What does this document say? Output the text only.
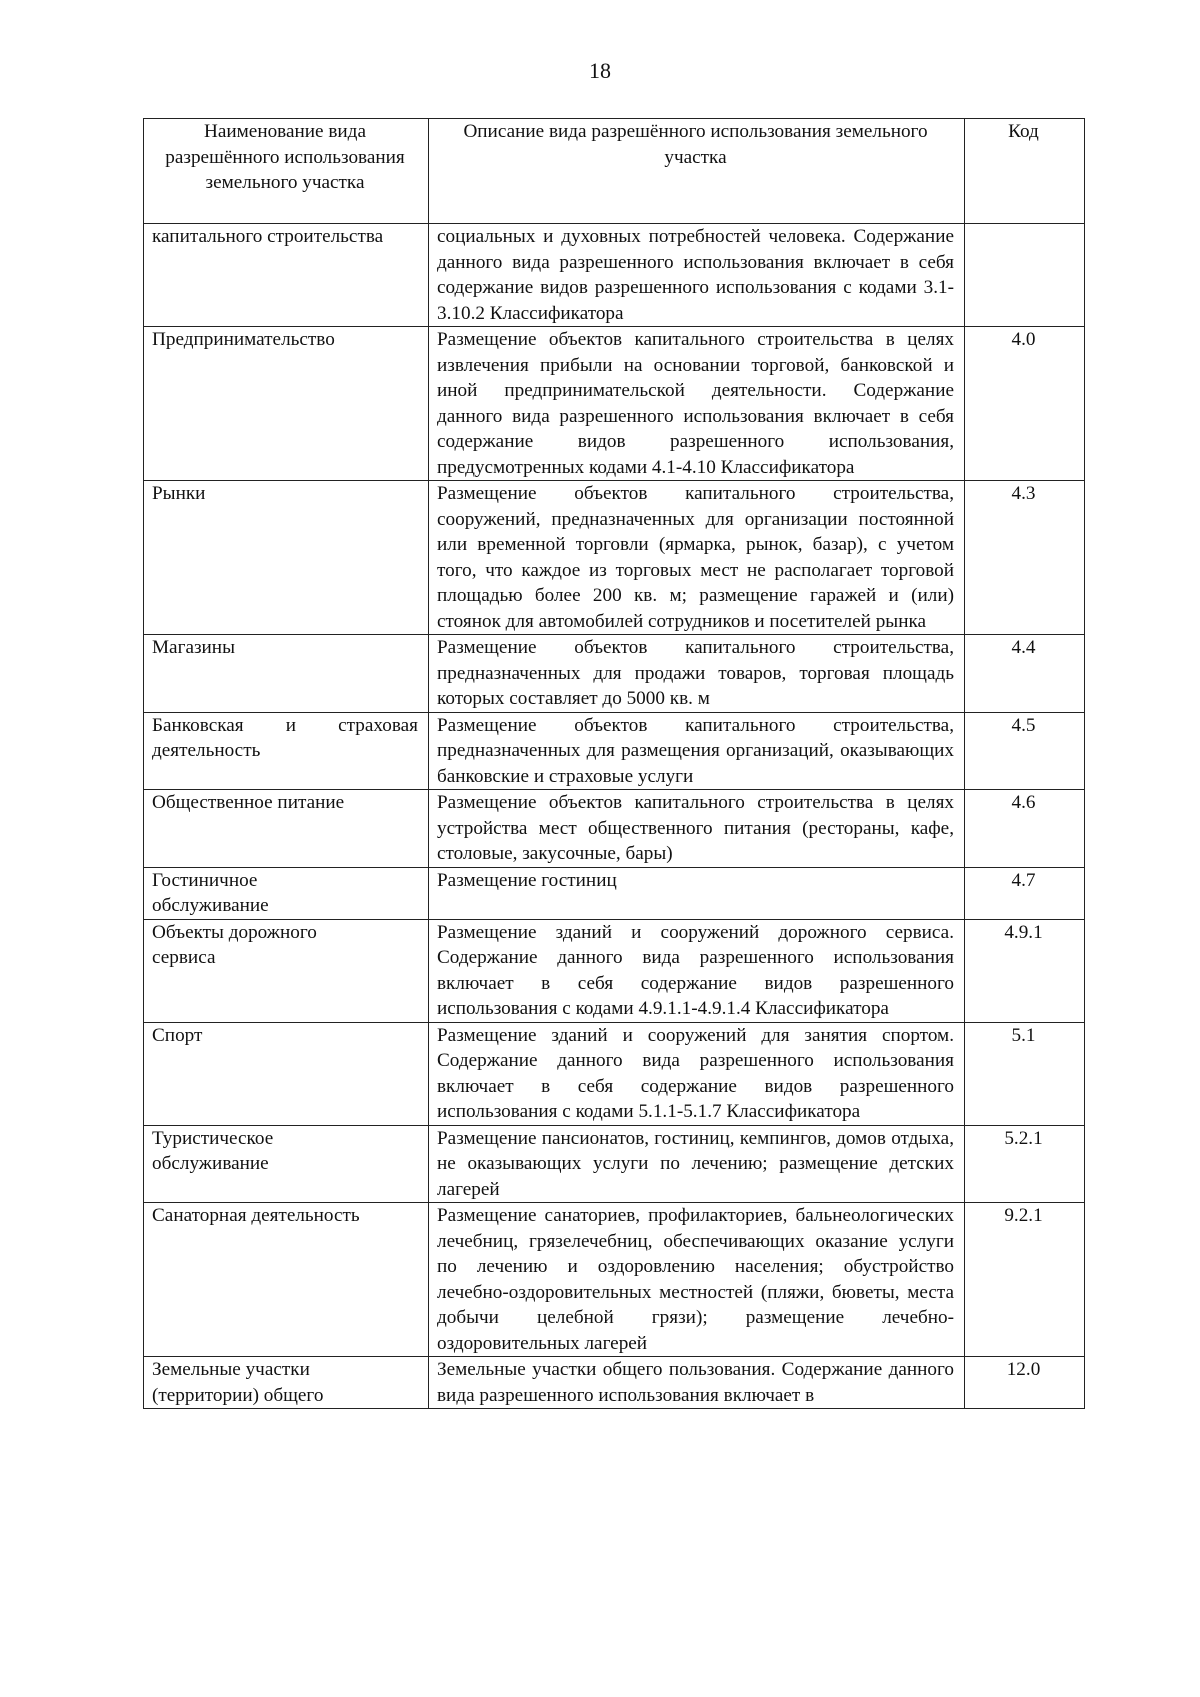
18
Наименование вида разрешённого использования земельного участка	Описание вида разрешённого использования земельного участка	Код
капитального строительства	социальных и духовных потребностей человека. Содержание данного вида разрешенного использования включает в себя содержание видов разрешенного использования с кодами 3.1-3.10.2 Классификатора	
Предпринимательство	Размещение объектов капитального строительства в целях извлечения прибыли на основании торговой, банковской и иной предпринимательской деятельности. Содержание данного вида разрешенного использования включает в себя содержание видов разрешенного использования, предусмотренных кодами 4.1-4.10 Классификатора	4.0
Рынки	Размещение объектов капитального строительства, сооружений, предназначенных для организации постоянной или временной торговли (ярмарка, рынок, базар), с учетом того, что каждое из торговых мест не располагает торговой площадью более 200 кв. м; размещение гаражей и (или) стоянок для автомобилей сотрудников и посетителей рынка	4.3
Магазины	Размещение объектов капитального строительства, предназначенных для продажи товаров, торговая площадь которых составляет до 5000 кв. м	4.4
Банковская и страховая деятельность	Размещение объектов капитального строительства, предназначенных для размещения организаций, оказывающих банковские и страховые услуги	4.5
Общественное питание	Размещение объектов капитального строительства в целях устройства мест общественного питания (рестораны, кафе, столовые, закусочные, бары)	4.6
Гостиничное обслуживание	Размещение гостиниц	4.7
Объекты дорожного сервиса	Размещение зданий и сооружений дорожного сервиса. Содержание данного вида разрешенного использования включает в себя содержание видов разрешенного использования с кодами 4.9.1.1-4.9.1.4 Классификатора	4.9.1
Спорт	Размещение зданий и сооружений для занятия спортом. Содержание данного вида разрешенного использования включает в себя содержание видов разрешенного использования с кодами 5.1.1-5.1.7 Классификатора	5.1
Туристическое обслуживание	Размещение пансионатов, гостиниц, кемпингов, домов отдыха, не оказывающих услуги по лечению; размещение детских лагерей	5.2.1
Санаторная деятельность	Размещение санаториев, профилакториев, бальнеологических лечебниц, грязелечебниц, обеспечивающих оказание услуги по лечению и оздоровлению населения; обустройство лечебно-оздоровительных местностей (пляжи, бюветы, места добычи целебной грязи); размещение лечебно-оздоровительных лагерей	9.2.1
Земельные участки (территории) общего	Земельные участки общего пользования. Содержание данного вида разрешенного использования включает в	12.0
